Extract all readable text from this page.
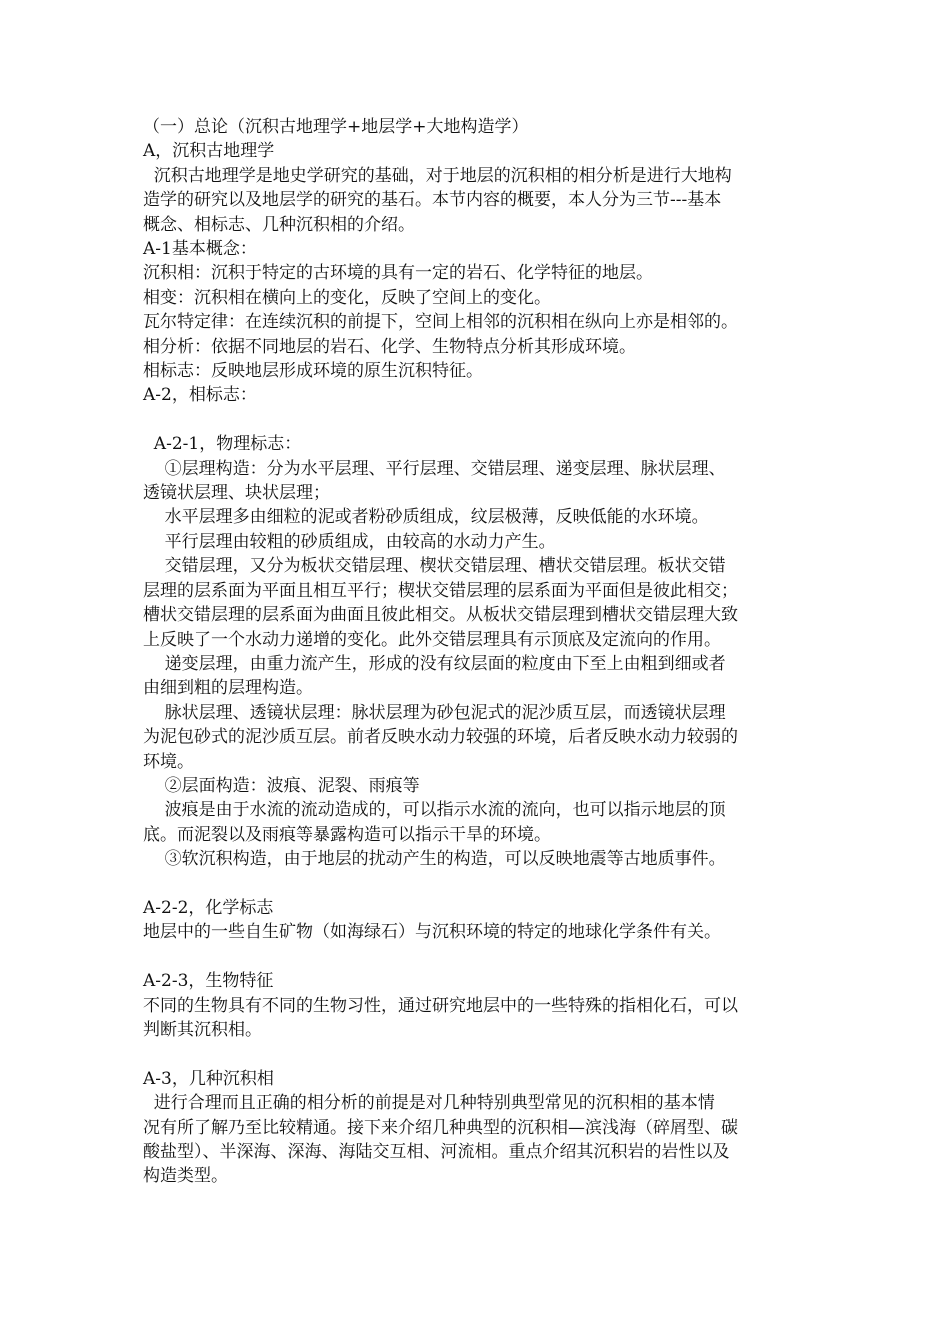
（一）总论（沉积古地理学+地层学+大地构造学）
A，沉积古地理学
沉积古地理学是地史学研究的基础，对于地层的沉积相的相分析是进行大地构
造学的研究以及地层学的研究的基石。本节内容的概要，本人分为三节---基本
概念、相标志、几种沉积相的介绍。
A-1基本概念：
沉积相：沉积于特定的古环境的具有一定的岩石、化学特征的地层。
相变：沉积相在横向上的变化，反映了空间上的变化。
瓦尔特定律：在连续沉积的前提下，空间上相邻的沉积相在纵向上亦是相邻的。
相分析：依据不同地层的岩石、化学、生物特点分析其形成环境。
相标志：反映地层形成环境的原生沉积特征。
A-2，相标志：
A-2-1，物理标志：
①层理构造：分为水平层理、平行层理、交错层理、递变层理、脉状层理、
透镜状层理、块状层理；
水平层理多由细粒的泥或者粉砂质组成，纹层极薄，反映低能的水环境。
平行层理由较粗的砂质组成，由较高的水动力产生。
交错层理，又分为板状交错层理、楔状交错层理、槽状交错层理。板状交错
层理的层系面为平面且相互平行；楔状交错层理的层系面为平面但是彼此相交；
槽状交错层理的层系面为曲面且彼此相交。从板状交错层理到槽状交错层理大致
上反映了一个水动力递增的变化。此外交错层理具有示顶底及定流向的作用。
递变层理，由重力流产生，形成的没有纹层面的粒度由下至上由粗到细或者
由细到粗的层理构造。
脉状层理、透镜状层理：脉状层理为砂包泥式的泥沙质互层，而透镜状层理
为泥包砂式的泥沙质互层。前者反映水动力较强的环境，后者反映水动力较弱的
环境。
②层面构造：波痕、泥裂、雨痕等
波痕是由于水流的流动造成的，可以指示水流的流向，也可以指示地层的顶
底。而泥裂以及雨痕等暴露构造可以指示干旱的环境。
③软沉积构造，由于地层的扰动产生的构造，可以反映地震等古地质事件。
A-2-2，化学标志
地层中的一些自生矿物（如海绿石）与沉积环境的特定的地球化学条件有关。
A-2-3，生物特征
不同的生物具有不同的生物习性，通过研究地层中的一些特殊的指相化石，可以
判断其沉积相。
A-3，几种沉积相
进行合理而且正确的相分析的前提是对几种特别典型常见的沉积相的基本情
况有所了解乃至比较精通。接下来介绍几种典型的沉积相—滨浅海（碎屑型、碳
酸盐型）、半深海、深海、海陆交互相、河流相。重点介绍其沉积岩的岩性以及
构造类型。
